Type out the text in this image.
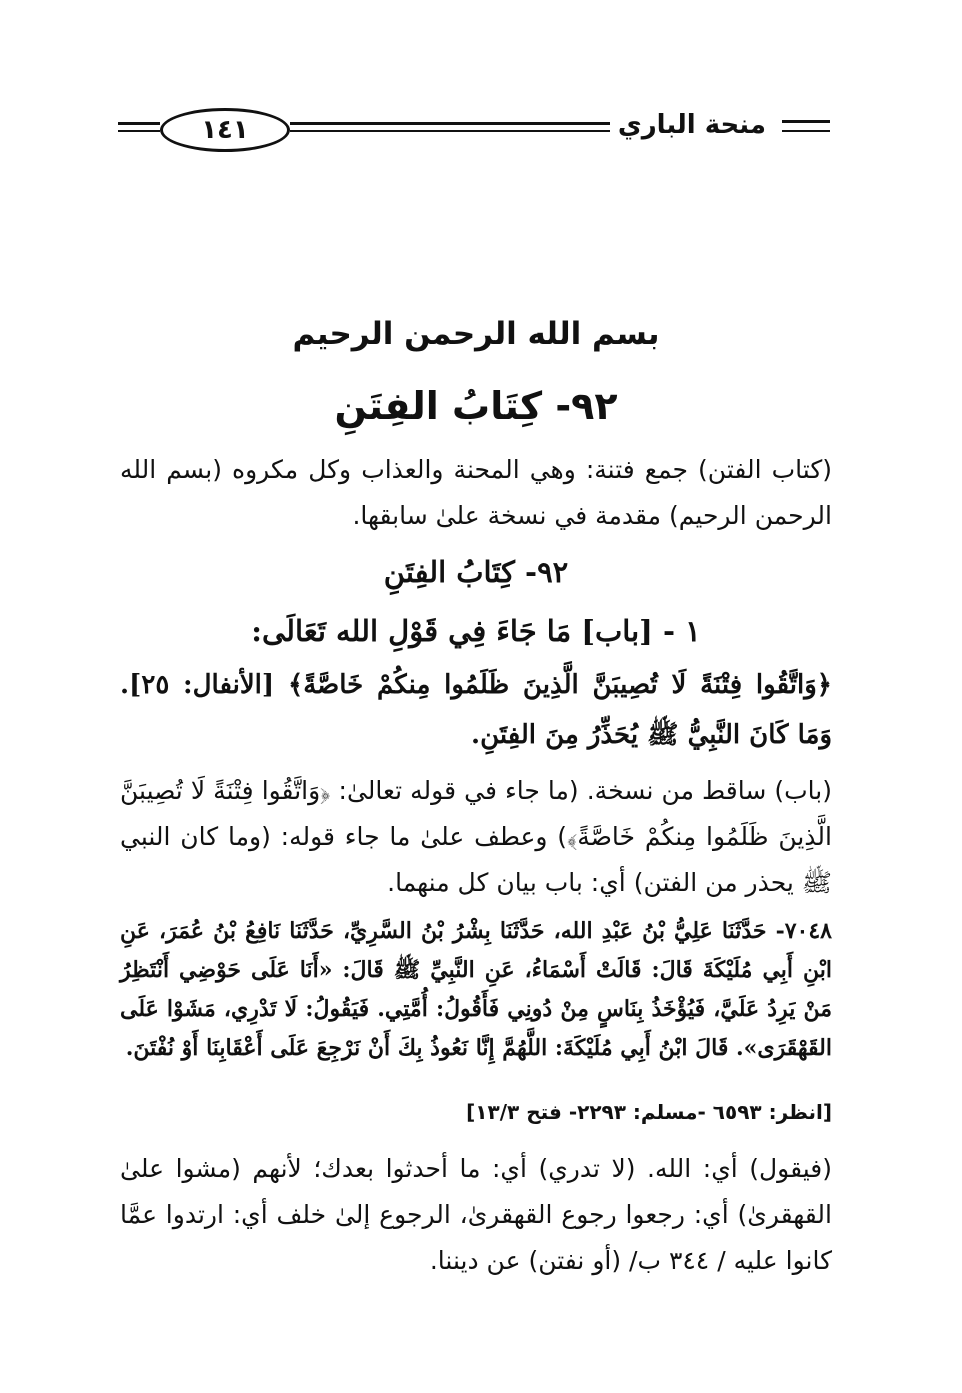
١٤١	منحة الباري
بسم الله الرحمن الرحيم
٩٢- كِتَابُ الفِتَنِ
(كتاب الفتن) جمع فتنة: وهي المحنة والعذاب وكل مكروه (بسم الله الرحمن الرحيم) مقدمة في نسخة علىٰ سابقها.
٩٢- كِتَابُ الفِتَنِ
١ - [باب] مَا جَاءَ فِي قَوْلِ الله تَعَالَى:
﴿وَاتَّقُوا فِتْنَةً لَا تُصِيبَنَّ الَّذِينَ ظَلَمُوا مِنكُمْ خَاصَّةً﴾ [الأنفال: ٢٥]. وَمَا كَانَ النَّبِيُّ ﷺ يُحَذِّرُ مِنَ الفِتَنِ.
(باب) ساقط من نسخة. (ما جاء في قوله تعالىٰ: ﴿وَاتَّقُوا فِتْنَةً لَا تُصِيبَنَّ الَّذِينَ ظَلَمُوا مِنكُمْ خَاصَّةً﴾) وعطف علىٰ ما جاء قوله: (وما كان النبي ﷺ يحذر من الفتن) أي: باب بيان كل منهما.
٧٠٤٨- حَدَّثَنَا عَلِيُّ بْنُ عَبْدِ الله، حَدَّثَنَا بِشْرُ بْنُ السَّرِيِّ، حَدَّثَنَا نَافِعُ بْنُ عُمَرَ، عَنِ ابْنِ أَبِي مُلَيْكَةَ قَالَ: قَالَتْ أَسْمَاءُ، عَنِ النَّبِيِّ ﷺ قَالَ: «أَنَا عَلَى حَوْضِي أَنْتَظِرُ مَنْ يَرِدُ عَلَيَّ، فَيُؤْخَذُ بِنَاسٍ مِنْ دُونِي فَأَقُولُ: أُمَّتِي. فَيَقُولُ: لَا تَدْرِي، مَشَوْا عَلَى القَهْقَرَى». قَالَ ابْنُ أَبِي مُلَيْكَةَ: اللَّهُمَّ إِنَّا نَعُوذُ بِكَ أَنْ نَرْجِعَ عَلَى أَعْقَابِنَا أَوْ نُفْتَنَ.
[انظر: ٦٥٩٣ -مسلم: ٢٢٩٣- فتح ١٣/٣]
(فيقول) أي: الله. (لا تدري) أي: ما أحدثوا بعدك؛ لأنهم (مشوا علىٰ القهقرىٰ) أي: رجعوا رجوع القهقرىٰ، الرجوع إلىٰ خلف أي: ارتدوا عمَّا كانوا عليه / ٣٤٤ ب/ (أو نفتن) عن ديننا.
